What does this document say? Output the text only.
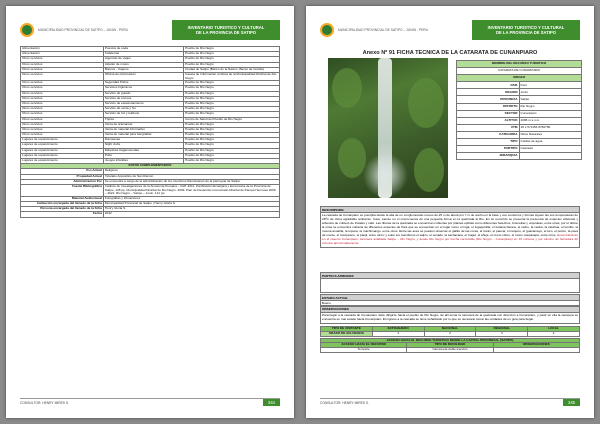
MUNICIPALIDAD PROVINCIAL DE SATIPO – JUNIN - PERU
INVENTARIO TURISTICO Y CULTURAL
DE LA PROVINCIA DE SATIPO
Alimentación	Puestos de soda	Pueblo de Rio Negro
Alimentación	Cafeterías	Pueblo de Rio Negro
Otros servicios	Agencias de viajes	Pueblo de Rio Negro
Otros servicios	Alquiler de motos	Pueblo de Rio Negro
Otros servicios	Bancos - Cajeros	Ciudad de Satipo (Banco de la Nación, Banco de Crédito)
Otros servicios	Oficina de información	Caseta de Información turística de la Municipalidad Distrital de Rio Negro
Otros servicios	Seguridad Pol/se	Pueblo de Rio Negro
Otros servicios	Servicios higiénicos	Pueblo de Rio Negro
Otros servicios	Servicio de guiado	Pueblo de Rio Negro
Otros servicios	Servicio de correos	Pueblo de Rio Negro
Otros servicios	Servicio de estacionamiento	Pueblo de Rio Negro
Otros servicios	Servicio de venta y Su	Pueblo de Rio Negro
Otros servicios	Servicio de luz y teléfono	Pueblo de Rio Negro
Otros servicios	Tópico	Centro de Salud del Pueblo de Rio Negro
Otros servicios	Venta de artesanías	Pueblo de Rio Negro
Otros servicios	Venta de material informativo	Pueblo de Rio Negro
Otros servicios	Venta de material para fotografías	Pueblo de Rio Negro
Lugares de esparcimiento	Discotecas	Pueblo de Rio Negro
Lugares de esparcimiento	Night clubs	Pueblo de Rio Negro
Lugares de esparcimiento	Máquinas tragamonedas	Pueblo de Rio Negro
Lugares de esparcimiento	Pubs	Pueblo de Rio Negro
Lugares de esparcimiento	Juegos infantiles	Pueblo de Rio Negro
DATOS COMPLEMENTARIOS		
Uso Actual	Religioso	
Propiedad Actual	Vicariato Apostólico de San Ramón	
Administración Por	Se encuentra a cargo de la administración de los miembros Ramónianos de la parroquia de Satipo.	
Fuente Bibliográfica	Instituto de Investigaciones de la Amazonía Peruana – IIAP. 2011. Zonificación Ecológica y Económica de la Provincia de Satipo, 128 pp. Municipalidad Distrital de Rio Negro. 2009. Plan de Desarrollo Concertado Distrital de Pampa Hermosa 2009 – 2021. Rio Negro – Satipo – Junín. 121 pp.	
Material Audiovisual	Fotografías y Filmaciones	
Institución encargada del llenado de la ficha	Municipalidad Provincial de Satipo | Henry Gloria S.	
Persona encargada del llenado de la ficha	Henry Gloria S.	
Fecha	2012	
CONSULTOR: HENRY MIRES S.	344
MUNICIPALIDAD PROVINCIAL DE SATIPO – JUNIN - PERU
INVENTARIO TURISTICO Y CULTURAL
DE LA PROVINCIA DE SATIPO
Anexo Nº 91 FICHA TECNICA DE LA CATARATA DE CUNANPIARO
NOMBRE DEL RECURSO TURISTICO	
CATARATA DE CUNANPIARO	
UBIGEO	
PAIS	Perú
REGION	Junín
PROVINCIA	Satipo
DISTRITO	Rio Negro
SECTOR	Cunanpiaro
ALTITUD	1088 m.s.n.m.
UTM	18 L 571156 8766750
CATEGORIA	Sitios Naturales
TIPO	Caídas de agua
SUBTIPO	Cascada
JERARQUIA	
DESCRIPCION
La cascada de Cunanpiaro se precipita desde la alta de un conglomerado rocoso de 25 m de altura por 7 m de ancho en la base y sus contornos y formas siguen las sus temperaturas de 28ºC de clima agradable ambiente. Cara, caerse en el microcuenca de una pequeña forma en la quebrada al Rio. En su recorrido se presenta la presencia de especies arbóreas y arbustos de cultivos de frutales y café. Las riberas de la quebrada se encuentran cubiertas por plantas epifitas como diferentes helechos, bromelias y orquídeas, entre otras; por el último la cima se encuentra cubierta de diferentes especies de flora que se encuentran en el lugar como el ingá, el ingaquinilla, el bolaina blanca, el cedro, la caoba, la catahua, el tornillo, la moena amarilla, la lupuna, la machimango, entre otros. Entre las aves se pueden observar el gallito de las rocas, el tucán, el paucar, el relojero, el guacamayo, el loro, el perico, la pava de monte, el trompetero, el paujil, entre otros; y entre los mamíferos el sajino, el venado, la sachavaca, el majaz, el añuje, el mono choro, el mono maquisapa, entre otros. Encontrándose en el caserío Cunanpiaro; carretera asfaltada Satipo – Rio Negro, y desde Rio Negro por trocha carrozable (Rio Negro – Cunanpiaro) en 15 minutos y por camino de herradura 20 minutos aproximadamente.
PARTICULARIDADES
ESTADO ACTUAL
Bueno
OBSERVACIONES
Para llegar a la cascada de Cunanpiaro debe dirigirse hacia el pueblo de Rio Negro, de allí tomar la carretera de la quebrada con dirección a Cunanpiaro, y partir en ella la carretera se encuentra en mal estado hacia Cunanpiaro. El ingreso a la cascada se tiene señalizado por lo que es necesario tomar las unidades de un guía para llegar.
TIPO DE VISITANTE	EXTRANJERO	NACIONAL	REGIONAL	LOCAL
GRADO DE AFLUENCIA	1	2	4	4
ACCESO HACIA EL RECURSO TURISTICO DESDE LA CAPITAL PROVINCIAL (SATIPO)		
ACCESO HACIA EL RECURSO	TIPO DE MOVILIDAD	OBSERVACIONES
Terrestre	Camioneta doble tracción	
CONSULTOR: HENRY MIRES S.	345
